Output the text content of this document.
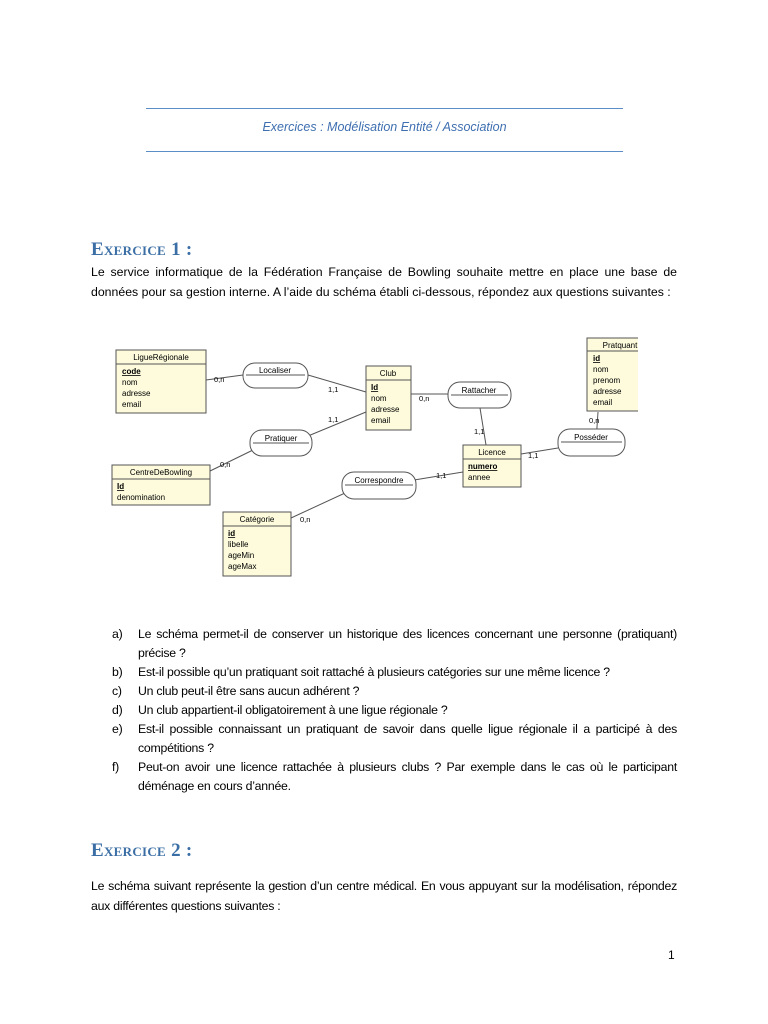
Exercices : Modélisation Entité / Association
Exercice 1 :
Le service informatique de la Fédération Française de Bowling souhaite mettre en place une base de données pour sa gestion interne. A l’aide du schéma établi ci-dessous, répondez aux questions suivantes :
0,n
1,1
0,n
1,1
0,n
1,1
1,1
0,n
1,1
0,n
LigueRégionale
code
nom
adresse
email
Club
Id
nom
adresse
email
Pratquant
id
nom
prenom
adresse
email
CentreDeBowling
Id
denomination
Licence
numero
annee
Catégorie
id
libelle
ageMin
ageMax
Localiser
Rattacher
Pratiquer	Posséder
Correspondre
a) Le schéma permet-il de conserver un historique des licences concernant une personne (pratiquant) précise ?
b) Est-il possible qu’un pratiquant soit rattaché à plusieurs catégories sur une même licence ?
c) Un club peut-il être sans aucun adhérent ?
d) Un club appartient-il obligatoirement à une ligue régionale ?
e) Est-il possible connaissant un pratiquant de savoir dans quelle ligue régionale il a participé à des compétitions ?
f) Peut-on avoir une licence rattachée à plusieurs clubs ? Par exemple dans le cas où le participant déménage en cours d’année.
Exercice 2 :
Le schéma suivant représente la gestion d’un centre médical. En vous appuyant sur la modélisation, répondez aux différentes questions suivantes :
1
